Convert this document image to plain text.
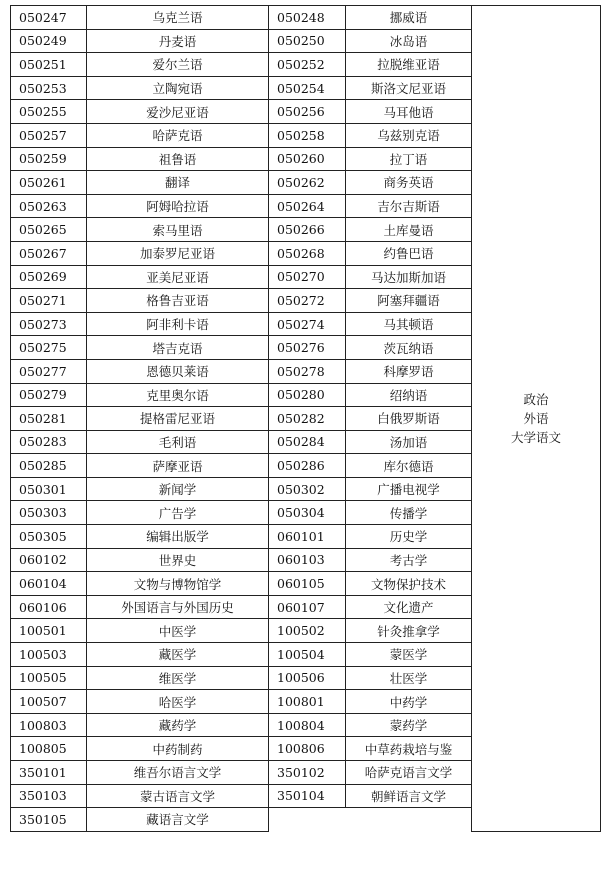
050247	乌克兰语	050248	挪威语	政治
外语
大学语文

050249	丹麦语	050250	冰岛语	
050251	爱尔兰语	050252	拉脱维亚语	
050253	立陶宛语	050254	斯洛文尼亚语	
050255	爱沙尼亚语	050256	马耳他语	
050257	哈萨克语	050258	乌兹别克语	
050259	祖鲁语	050260	拉丁语	
050261	翻译	050262	商务英语	
050263	阿姆哈拉语	050264	吉尔吉斯语	
050265	索马里语	050266	土库曼语	
050267	加泰罗尼亚语	050268	约鲁巴语	
050269	亚美尼亚语	050270	马达加斯加语	
050271	格鲁吉亚语	050272	阿塞拜疆语	
050273	阿非利卡语	050274	马其顿语	
050275	塔吉克语	050276	茨瓦纳语	
050277	恩德贝莱语	050278	科摩罗语	
050279	克里奥尔语	050280	绍纳语	
050281	提格雷尼亚语	050282	白俄罗斯语	
050283	毛利语	050284	汤加语	
050285	萨摩亚语	050286	库尔德语	
050301	新闻学	050302	广播电视学	
050303	广告学	050304	传播学	
050305	编辑出版学	060101	历史学	
060102	世界史	060103	考古学	
060104	文物与博物馆学	060105	文物保护技术	
060106	外国语言与外国历史	060107	文化遗产	
100501	中医学	100502	针灸推拿学	
100503	藏医学	100504	蒙医学	
100505	维医学	100506	壮医学	
100507	哈医学	100801	中药学	
100803	藏药学	100804	蒙药学	
100805	中药制药	100806	中草药栽培与鉴	
350101	维吾尔语言文学	350102	哈萨克语言文学	
350103	蒙古语言文学	350104	朝鲜语言文学	
350105	藏语言文学			
